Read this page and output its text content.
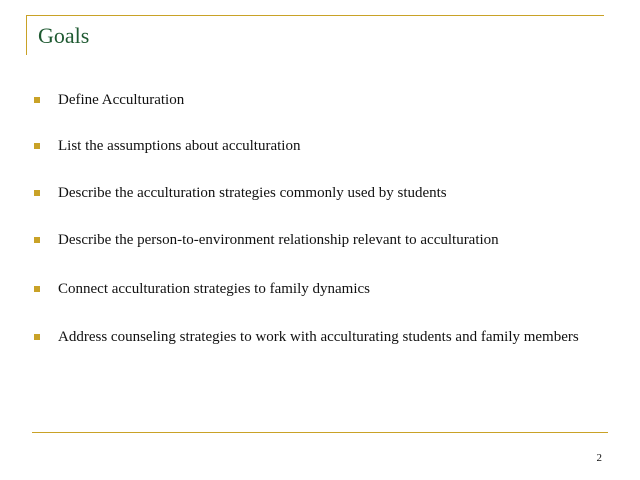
Goals
Define Acculturation
List the assumptions about acculturation
Describe the acculturation strategies commonly used by students
Describe the person-to-environment relationship relevant to acculturation
Connect acculturation strategies to family dynamics
Address counseling strategies to work with acculturating students and family members
2
